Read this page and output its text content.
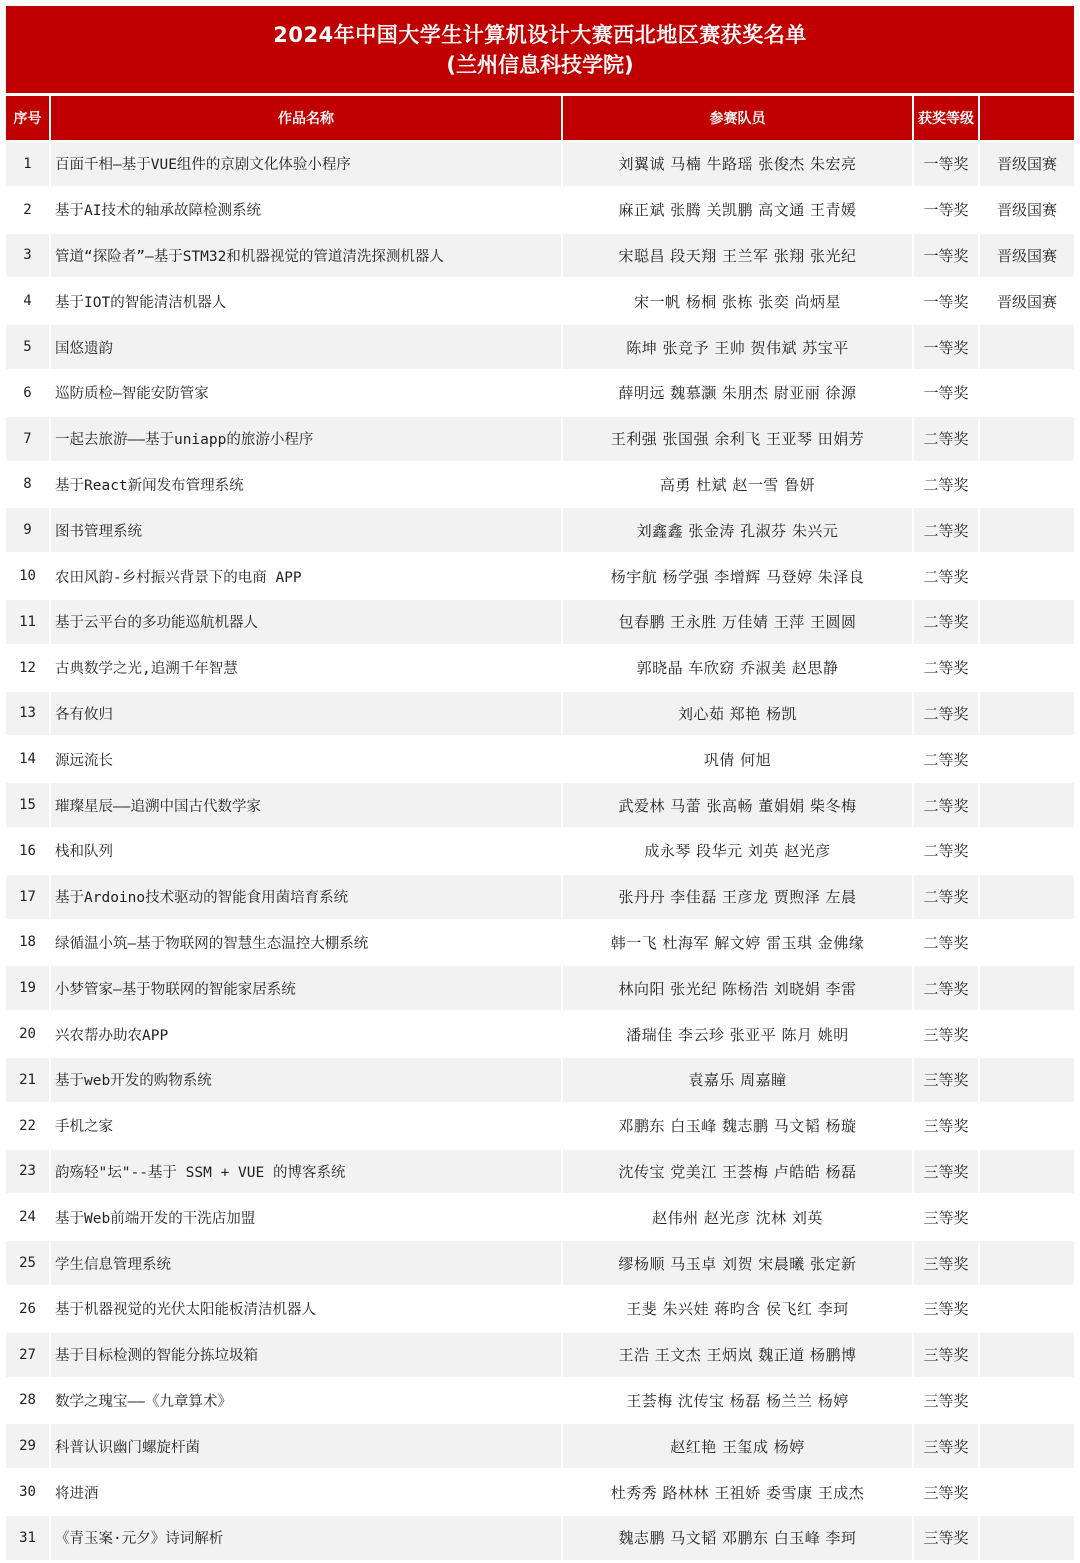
2024年中国大学生计算机设计大赛西北地区赛获奖名单
(兰州信息科技学院)
序号	作品名称	参赛队员	获奖等级	
1	百面千相—基于VUE组件的京剧文化体验小程序	刘翼诚 马楠 牛路瑶 张俊杰 朱宏亮	一等奖	晋级国赛
2	基于AI技术的轴承故障检测系统	麻正斌 张腾 关凯鹏 高文通 王青媛	一等奖	晋级国赛
3	管道“探险者”—基于STM32和机器视觉的管道清洗探测机器人	宋聪昌 段天翔 王兰军 张翔 张光纪	一等奖	晋级国赛
4	基于IOT的智能清洁机器人	宋一帆 杨桐 张栋 张奕 尚炳星	一等奖	晋级国赛
5	国悠遗韵	陈坤 张竞予 王帅 贺伟斌 苏宝平	一等奖	
6	巡防质检—智能安防管家	薛明远 魏慕灏 朱朋杰 尉亚丽 徐源	一等奖	
7	一起去旅游——基于uniapp的旅游小程序	王利强 张国强 余利飞 王亚琴 田娟芳	二等奖	
8	基于React新闻发布管理系统	高勇 杜斌 赵一雪 鲁妍	二等奖	
9	图书管理系统	刘鑫鑫 张金涛 孔淑芬 朱兴元	二等奖	
10	农田风韵-乡村振兴背景下的电商 APP	杨宇航 杨学强 李增辉 马登婷 朱泽良	二等奖	
11	基于云平台的多功能巡航机器人	包春鹏 王永胜 万佳婧 王萍 王圆圆	二等奖	
12	古典数学之光,追溯千年智慧	郭晓晶 车欣窈 乔淑美 赵思静	二等奖	
13	各有攸归	刘心茹 郑艳 杨凯	二等奖	
14	源远流长	巩倩 何旭	二等奖	
15	璀璨星辰——追溯中国古代数学家	武爱林 马蕾 张高畅 董娟娟 柴冬梅	二等奖	
16	栈和队列	成永琴 段华元 刘英 赵光彦	二等奖	
17	基于Ardoino技术驱动的智能食用菌培育系统	张丹丹 李佳磊 王彦龙 贾煦泽 左晨	二等奖	
18	绿循温小筑—基于物联网的智慧生态温控大棚系统	韩一飞 杜海军 解文婷 雷玉琪 金佛缘	二等奖	
19	小梦管家—基于物联网的智能家居系统	林向阳 张光纪 陈杨浩 刘晓娟 李雷	二等奖	
20	兴农帮办助农APP	潘瑞佳 李云珍 张亚平 陈月 姚明	三等奖	
21	基于web开发的购物系统	袁嘉乐 周嘉瞳	三等奖	
22	手机之家	邓鹏东 白玉峰 魏志鹏 马文韬 杨璇	三等奖	
23	韵殇轻"坛"--基于 SSM + VUE 的博客系统	沈传宝 党美江 王荟梅 卢皓皓 杨磊	三等奖	
24	基于Web前端开发的干洗店加盟	赵伟州 赵光彦 沈林 刘英	三等奖	
25	学生信息管理系统	缪杨顺 马玉卓 刘贺 宋晨曦 张定新	三等奖	
26	基于机器视觉的光伏太阳能板清洁机器人	王斐 朱兴娃 蒋昀含 侯飞红 李珂	三等奖	
27	基于目标检测的智能分拣垃圾箱	王浩 王文杰 王炳岚 魏正道 杨鹏博	三等奖	
28	数学之瑰宝——《九章算术》	王荟梅 沈传宝 杨磊 杨兰兰 杨婷	三等奖	
29	科普认识幽门螺旋杆菌	赵红艳 王玺成 杨婷	三等奖	
30	将进酒	杜秀秀 路林林 王祖娇 委雪康 王成杰	三等奖	
31	《青玉案·元夕》诗词解析	魏志鹏 马文韬 邓鹏东 白玉峰 李珂	三等奖	
